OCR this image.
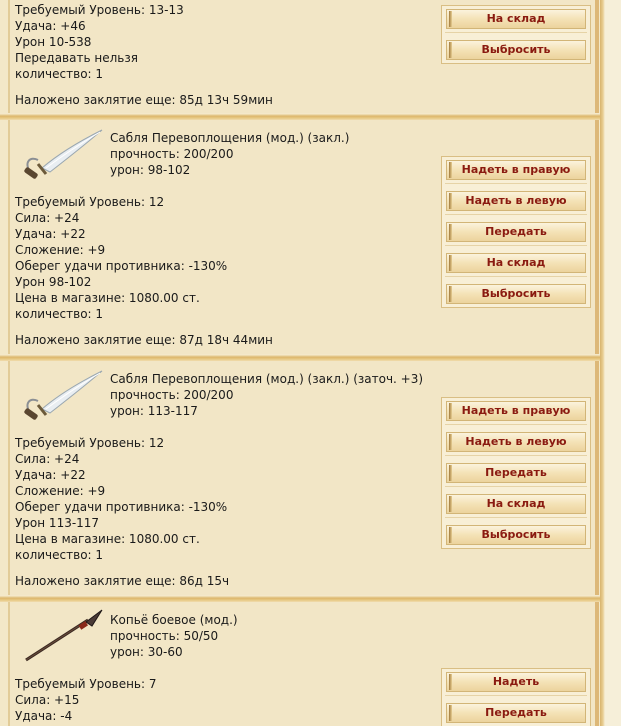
Требуемый Уровень: 13-13
Удача: +46
Урон 10-538
Передавать нельзя
количество: 1
Наложено заклятие еще: 85д 13ч 59мин
На склад
Выбросить
Сабля Перевоплощения (мод.) (закл.)
прочность: 200/200
урон: 98-102
Требуемый Уровень: 12
Сила: +24
Удача: +22
Сложение: +9
Оберег удачи противника: -130%
Урон 98-102
Цена в магазине: 1080.00 ст.
количество: 1
Наложено заклятие еще: 87д 18ч 44мин
Надеть в правую
Надеть в левую
Передать
На склад
Выбросить
Сабля Перевоплощения (мод.) (закл.) (заточ. +3)
прочность: 200/200
урон: 113-117
Требуемый Уровень: 12
Сила: +24
Удача: +22
Сложение: +9
Оберег удачи противника: -130%
Урон 113-117
Цена в магазине: 1080.00 ст.
количество: 1
Наложено заклятие еще: 86д 15ч
Надеть в правую
Надеть в левую
Передать
На склад
Выбросить
Копьё боевое (мод.)
прочность: 50/50
урон: 30-60
Требуемый Уровень: 7
Сила: +15
Удача: -4
Надеть
Передать
